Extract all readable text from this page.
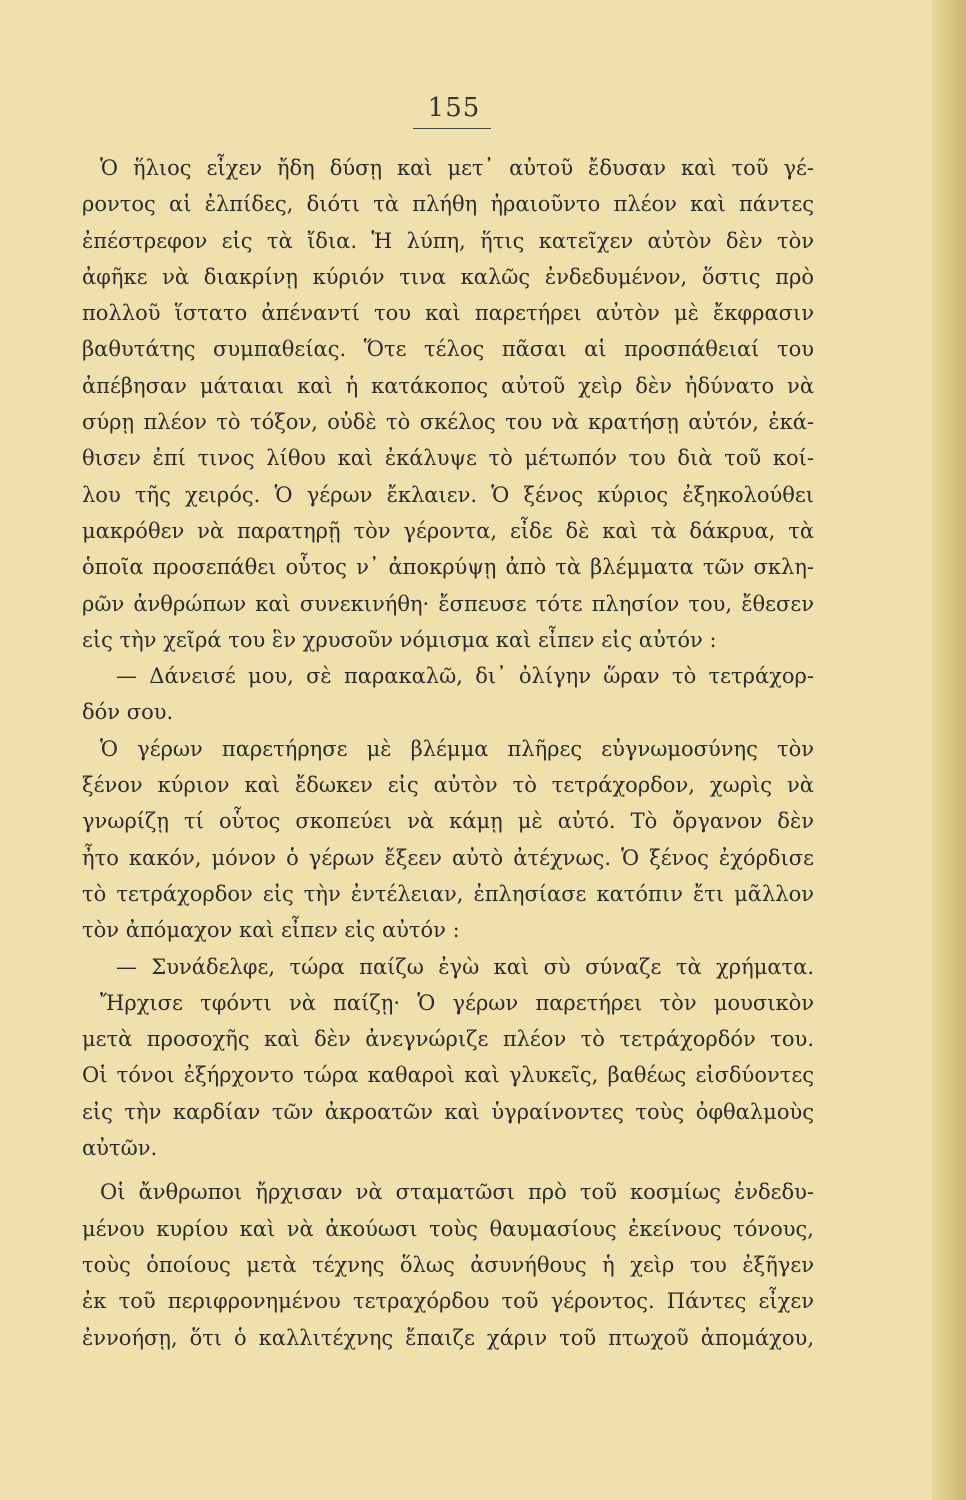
155
Ὁ ἥλιος εἶχεν ἤδη δύσῃ καὶ μετ᾽ αὐτοῦ ἔδυσαν καὶ τοῦ γέ-
ροντος αἱ ἐλπίδες, διότι τὰ πλήθη ἠραιοῦντο πλέον καὶ πάντες
ἐπέστρεφον εἰς τὰ ἴδια. Ἡ λύπη, ἥτις κατεῖχεν αὐτὸν δὲν τὸν
ἀφῆκε νὰ διακρίνῃ κύριόν τινα καλῶς ἐνδεδυμένον, ὅστις πρὸ
πολλοῦ ἵστατο ἀπέναντί του καὶ παρετήρει αὐτὸν μὲ ἔκφρασιν
βαθυτάτης συμπαθείας. Ὅτε τέλος πᾶσαι αἱ προσπάθειαί του
ἀπέβησαν μάταιαι καὶ ἡ κατάκοπος αὐτοῦ χεὶρ δὲν ἠδύνατο νὰ
σύρῃ πλέον τὸ τόξον, οὐδὲ τὸ σκέλος του νὰ κρατήσῃ αὐτόν, ἐκά-
θισεν ἐπί τινος λίθου καὶ ἐκάλυψε τὸ μέτωπόν του διὰ τοῦ κοί-
λου τῆς χειρός. Ὁ γέρων ἔκλαιεν. Ὁ ξένος κύριος ἐξηκολούθει
μακρόθεν νὰ παρατηρῇ τὸν γέροντα, εἶδε δὲ καὶ τὰ δάκρυα, τὰ
ὁποῖα προσεπάθει οὗτος ν᾽ ἀποκρύψῃ ἀπὸ τὰ βλέμματα τῶν σκλη-
ρῶν ἀνθρώπων καὶ συνεκινήθη· ἔσπευσε τότε πλησίον του, ἔθεσεν
εἰς τὴν χεῖρά του ἓν χρυσοῦν νόμισμα καὶ εἶπεν εἰς αὐτόν :
— Δάνεισέ μου, σὲ παρακαλῶ, δι᾽ ὀλίγην ὥραν τὸ τετράχορ-
δόν σου.
Ὁ γέρων παρετήρησε μὲ βλέμμα πλῆρες εὐγνωμοσύνης τὸν
ξένον κύριον καὶ ἔδωκεν εἰς αὐτὸν τὸ τετράχορδον, χωρὶς νὰ
γνωρίζῃ τί οὗτος σκοπεύει νὰ κάμῃ μὲ αὐτό. Τὸ ὄργανον δὲν
ἦτο κακόν, μόνον ὁ γέρων ἔξεεν αὐτὸ ἀτέχνως. Ὁ ξένος ἐχόρδισε
τὸ τετράχορδον εἰς τὴν ἐντέλειαν, ἐπλησίασε κατόπιν ἔτι μᾶλλον
τὸν ἀπόμαχον καὶ εἶπεν εἰς αὐτόν :
— Συνάδελφε, τώρα παίζω ἐγὼ καὶ σὺ σύναζε τὰ χρήματα.
Ἤρχισε τφόντι νὰ παίζῃ· Ὁ γέρων παρετήρει τὸν μουσικὸν
μετὰ προσοχῆς καὶ δὲν ἀνεγνώριζε πλέον τὸ τετράχορδόν του.
Οἱ τόνοι ἐξήρχοντο τώρα καθαροὶ καὶ γλυκεῖς, βαθέως εἰσδύοντες
εἰς τὴν καρδίαν τῶν ἀκροατῶν καὶ ὑγραίνοντες τοὺς ὀφθαλμοὺς
αὐτῶν.
Οἱ ἄνθρωποι ἤρχισαν νὰ σταματῶσι πρὸ τοῦ κοσμίως ἐνδεδυ-
μένου κυρίου καὶ νὰ ἀκούωσι τοὺς θαυμασίους ἐκείνους τόνους,
τοὺς ὁποίους μετὰ τέχνης ὅλως ἀσυνήθους ἡ χεὶρ του ἐξῆγεν
ἐκ τοῦ περιφρονημένου τετραχόρδου τοῦ γέροντος. Πάντες εἶχεν
ἐννοήσῃ, ὅτι ὁ καλλιτέχνης ἔπαιζε χάριν τοῦ πτωχοῦ ἀπομάχου,
